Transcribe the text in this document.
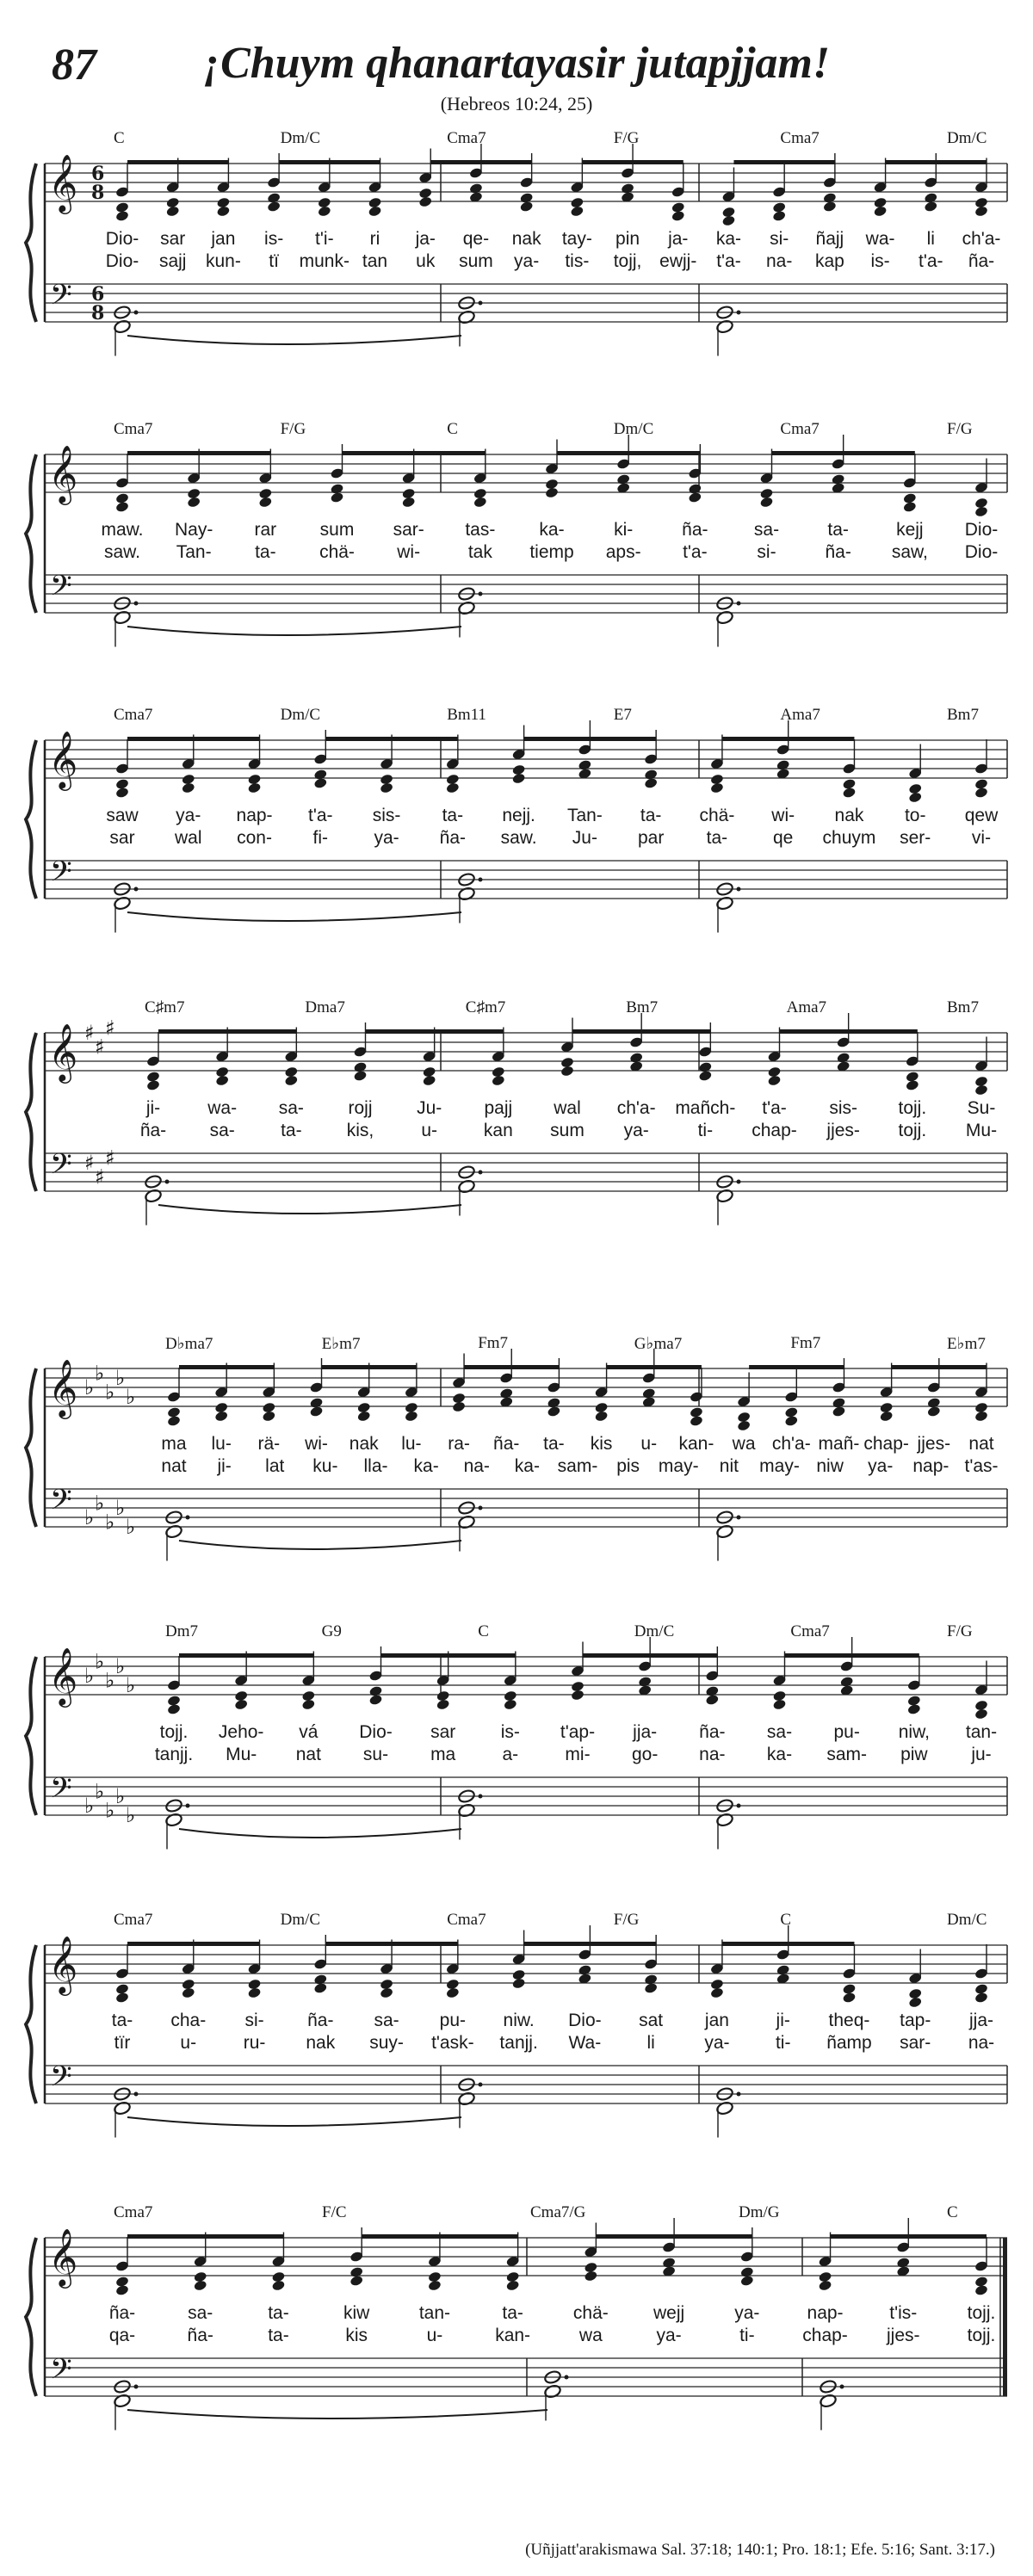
87	¡Chuym qhanartayasir jutapjjam!
(Hebreos 10:24, 25)
𝄞
𝄢
6
8
6
8
C	Dm/C	Cma7	F/G	Cma7	Dm/C
Dio- sar jan is- t'i- ri ja- qe- nak tay- pin ja- ka- si- ñajj wa- li ch'a-
Dio- sajj kun- tï munk- tan uk sum ya- tis- tojj, ewjj- t'a- na- kap is- t'a- ña-
𝄞
𝄢
Cma7	F/G	C	Dm/C	Cma7	F/G
maw. Nay- rar sum sar- tas- ka-	ki-	ña-	sa-	ta-	kejj Dio-
saw. Tan- ta- chä- wi-	tak tiemp aps- t'a-	si-	ña- saw, Dio-
𝄞
𝄢
Cma7	Dm/C	Bm11	E7	Ama7	Bm7
saw ya- nap- t'a- sis- ta- nejj. Tan- ta- chä- wi- nak to- qew
sar wal con- fi-	ya- ña- saw. Ju- par ta-	qe chuym ser- vi-
𝄞
𝄢
♯
♯
♯
♯
♯
♯
C♯m7	Dma7	C♯m7	Bm7	Ama7	Bm7
ji-	wa- sa- rojj Ju- pajj wal ch'a- mañch- t'a- sis- tojj. Su-
ña- sa-	ta- kis,	u-	kan sum ya-	ti- chap- jjes- tojj. Mu-
𝄞
𝄢
♭
♭
♭
♭
♭
♭
♭
♭
♭
♭
D♭ma7	E♭m7	Fm7	G♭ma7	Fm7	E♭m7
ma lu- rä- wi- nak lu- ra- ña- ta- kis u- kan- wa ch'a- mañ- chap- jjes- nat
nat ji- lat ku- lla- ka- na- ka- sam- pis may- nit may- niw ya- nap- t'as-
𝄞
𝄢
♭
♭
♭
♭
♭
♭
♭
♭
♭
♭
Dm7	G9	C	Dm/C	Cma7	F/G
tojj. Jeho- vá Dio- sar is- t'ap- jja- ña- sa- pu- niw, tan-
tanjj. Mu- nat su- ma	a-	mi- go- na- ka- sam- piw ju-
𝄞
𝄢
Cma7	Dm/C	Cma7	F/G	C	Dm/C
ta- cha- si- ña- sa- pu- niw. Dio- sat jan	ji- theq- tap- jja-
tïr	u-	ru- nak suy- t'ask- tanjj. Wa-	li	ya-	ti- ñamp sar- na-
𝄞
𝄢
Cma7	F/C	Cma7/G	Dm/G	C
ña-	sa-	ta-	kiw	tan-	ta-	chä- wejj	ya-	nap-	t'is-	tojj.
qa-	ña-	ta-	kis	u-	kan-	wa	ya-	ti-	chap- jjes-	tojj.
(Uñjjatt'arakismawa Sal. 37:18; 140:1; Pro. 18:1; Efe. 5:16; Sant. 3:17.)
